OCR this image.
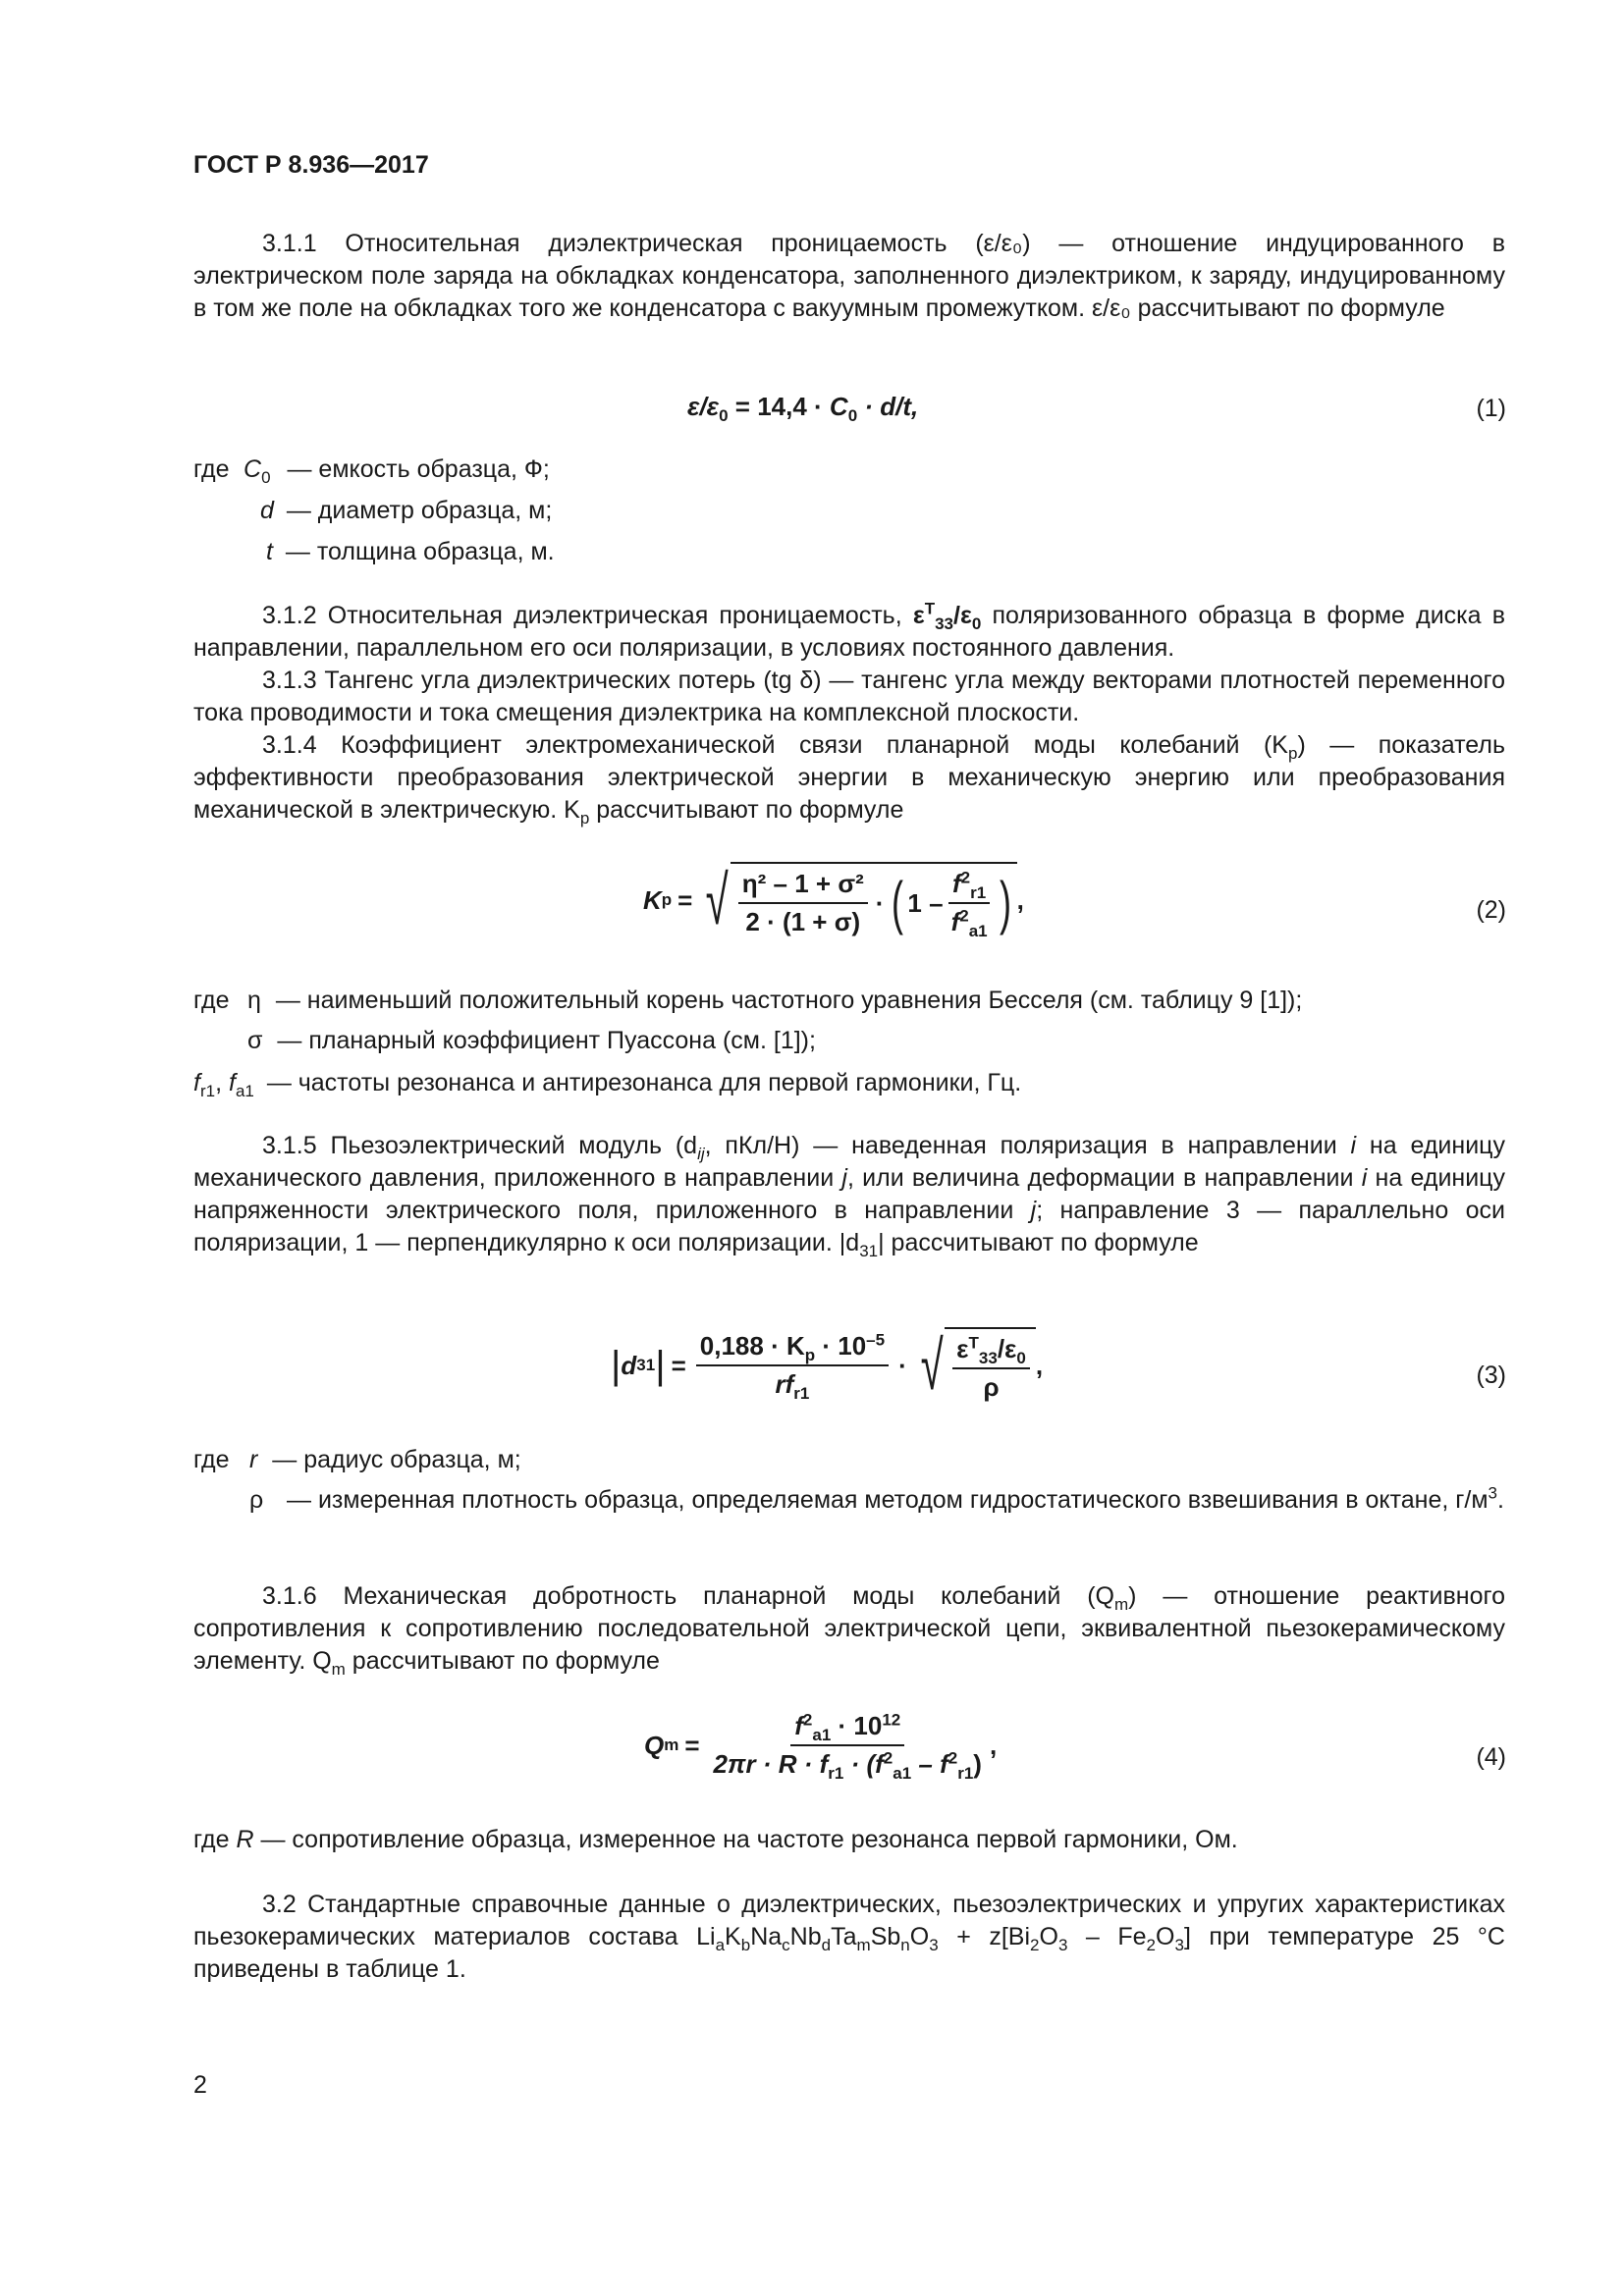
ГОСТ Р 8.936—2017

3.1.1 Относительная диэлектрическая проницаемость (ε/ε₀) — отношение индуцированного в электрическом поле заряда на обкладках конденсатора, заполненного диэлектриком, к заряду, индуцированному в том же поле на обкладках того же конденсатора с вакуумным промежутком. ε/ε₀ рассчитывают по формуле

$\varepsilon/\varepsilon_0 = 14,4 \cdot C_0 \cdot d/t$,	(1)
где $C_0$ — емкость образца, Ф;
d — диаметр образца, м;
t — толщина образца, м.

3.1.2 Относительная диэлектрическая проницаемость, $\varepsilon^T_{33}/\varepsilon_0$ поляризованного образца в форме диска в направлении, параллельном его оси поляризации, в условиях постоянного давления.

3.1.3 Тангенс угла диэлектрических потерь (tg δ) — тангенс угла между векторами плотностей переменного тока проводимости и тока смещения диэлектрика на комплексной плоскости.

3.1.4 Коэффициент электромеханической связи планарной моды колебаний $(K_p)$ — показатель эффективности преобразования электрической энергии в механическую энергию или преобразования механической в электрическую. $K_p$ рассчитывают по формуле

K p = √ $\frac{\text{η² – 1 + σ²}}{2 \cdot (1 + \sigma)}$ · ( $1 - \frac{f^2_{r1}}{f^2_{a1}}$ ) ,	(2)
где η — наименьший положительный корень частотного уравнения Бесселя (см. таблицу 9 [1]);
σ — планарный коэффициент Пуассона (см. [1]);
$f_{r1}$, $f_{a1}$ — частоты резонанса и антирезонанса для первой гармоники, Гц.

3.1.5 Пьезоэлектрический модуль ($d_{ij}$, пКл/Н) — наведенная поляризация в направлении i на единицу механического давления, приложенного в направлении j, или величина деформации в направлении i на единицу напряженности электрического поля, приложенного в направлении j; направление 3 — параллельно оси поляризации, 1 — перпендикулярно к оси поляризации. $|d_{31}|$ рассчитывают по формуле

| d 31 | = $\frac{0,188 \cdot K_p \cdot 10^{-5}}{rf_{r1}}$ · √ $\frac{\varepsilon^T_{33}/\varepsilon_0}{\rho}$ ,	(3)
где r — радиус образца, м;
ρ — измеренная плотность образца, определяемая методом гидростатического взвешивания в октане, $г/м^3$.

3.1.6 Механическая добротность планарной моды колебаний $(Q_m)$ — отношение реактивного сопротивления к сопротивлению последовательной электрической цепи, эквивалентной пьезокерамическому элементу. $Q_m$ рассчитывают по формуле

Q $m = \frac{f^2_{a1} \cdot 10^{12}}{2\pi r \cdot R \cdot f_{r1} \cdot (f^2_{a1} - f^2_{r1})}$ ,	(4)
где R — сопротивление образца, измеренное на частоте резонанса первой гармоники, Ом.

3.2 Стандартные справочные данные о диэлектрических, пьезоэлектрических и упругих характеристиках пьезокерамических материалов состава $Li_aK_bNa_cNb_dTa_mSb_nO_3 + z[Bi_2O_3 - Fe_2O_3]$ при температуре 25 °C приведены в таблице 1.

2
